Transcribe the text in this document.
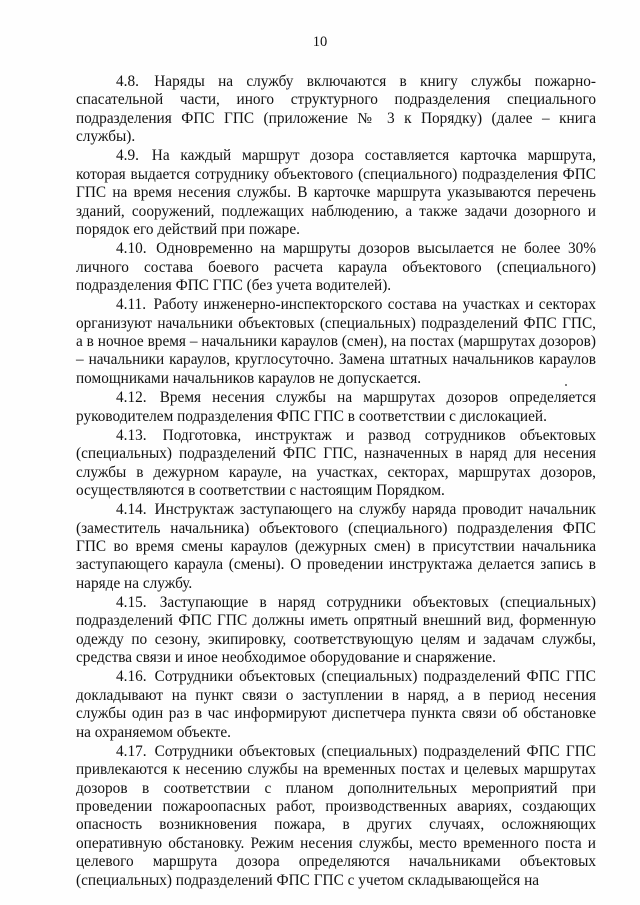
10

4.8. Наряды на службу включаются в книгу службы пожарно-спасательной части, иного структурного подразделения специального подразделения ФПС ГПС (приложение № 3 к Порядку) (далее – книга службы).

4.9. На каждый маршрут дозора составляется карточка маршрута, которая выдается сотруднику объектового (специального) подразделения ФПС ГПС на время несения службы. В карточке маршрута указываются перечень зданий, сооружений, подлежащих наблюдению, а также задачи дозорного и порядок его действий при пожаре.

4.10. Одновременно на маршруты дозоров высылается не более 30% личного состава боевого расчета караула объектового (специального) подразделения ФПС ГПС (без учета водителей).

4.11. Работу инженерно-инспекторского состава на участках и секторах организуют начальники объектовых (специальных) подразделений ФПС ГПС, а в ночное время – начальники караулов (смен), на постах (маршрутах дозоров) – начальники караулов, круглосуточно. Замена штатных начальников караулов помощниками начальников караулов не допускается.

4.12. Время несения службы на маршрутах дозоров определяется руководителем подразделения ФПС ГПС в соответствии с дислокацией.

4.13. Подготовка, инструктаж и развод сотрудников объектовых (специальных) подразделений ФПС ГПС, назначенных в наряд для несения службы в дежурном карауле, на участках, секторах, маршрутах дозоров, осуществляются в соответствии с настоящим Порядком.

4.14. Инструктаж заступающего на службу наряда проводит начальник (заместитель начальника) объектового (специального) подразделения ФПС ГПС во время смены караулов (дежурных смен) в присутствии начальника заступающего караула (смены). О проведении инструктажа делается запись в наряде на службу.

4.15. Заступающие в наряд сотрудники объектовых (специальных) подразделений ФПС ГПС должны иметь опрятный внешний вид, форменную одежду по сезону, экипировку, соответствующую целям и задачам службы, средства связи и иное необходимое оборудование и снаряжение.

4.16. Сотрудники объектовых (специальных) подразделений ФПС ГПС докладывают на пункт связи о заступлении в наряд, а в период несения службы один раз в час информируют диспетчера пункта связи об обстановке на охраняемом объекте.

4.17. Сотрудники объектовых (специальных) подразделений ФПС ГПС привлекаются к несению службы на временных постах и целевых маршрутах дозоров в соответствии с планом дополнительных мероприятий при проведении пожароопасных работ, производственных авариях, создающих опасность возникновения пожара, в других случаях, осложняющих оперативную обстановку. Режим несения службы, место временного поста и целевого маршрута дозора определяются начальниками объектовых (специальных) подразделений ФПС ГПС с учетом складывающейся на
